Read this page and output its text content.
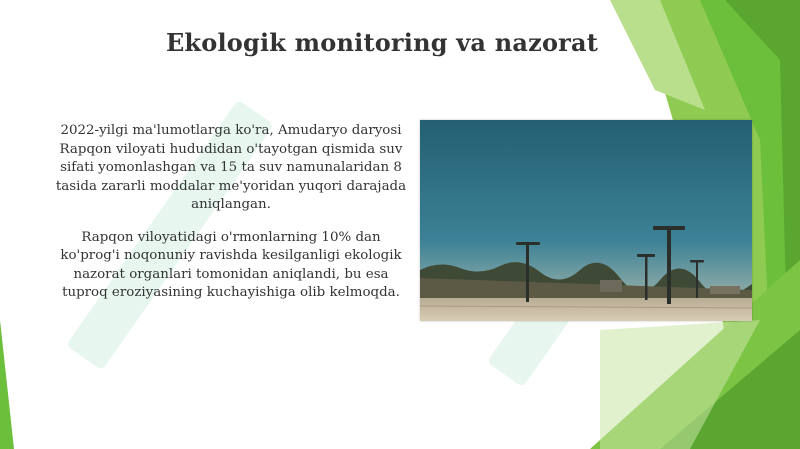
Ekologik monitoring va nazorat

2022-yilgi ma'lumotlarga ko'ra, Amudaryo daryosi Rapqon viloyati hududidan o'tayotgan qismida suv sifati yomonlashgan va 15 ta suv namunalaridan 8 tasida zararli moddalar me'yoridan yuqori darajada aniqlangan.

Rapqon viloyatidagi o'rmonlarning 10% dan ko'prog'i noqonuniy ravishda kesilganligi ekologik nazorat organlari tomonidan aniqlandi, bu esa tuproq eroziyasining kuchayishiga olib kelmoqda.
